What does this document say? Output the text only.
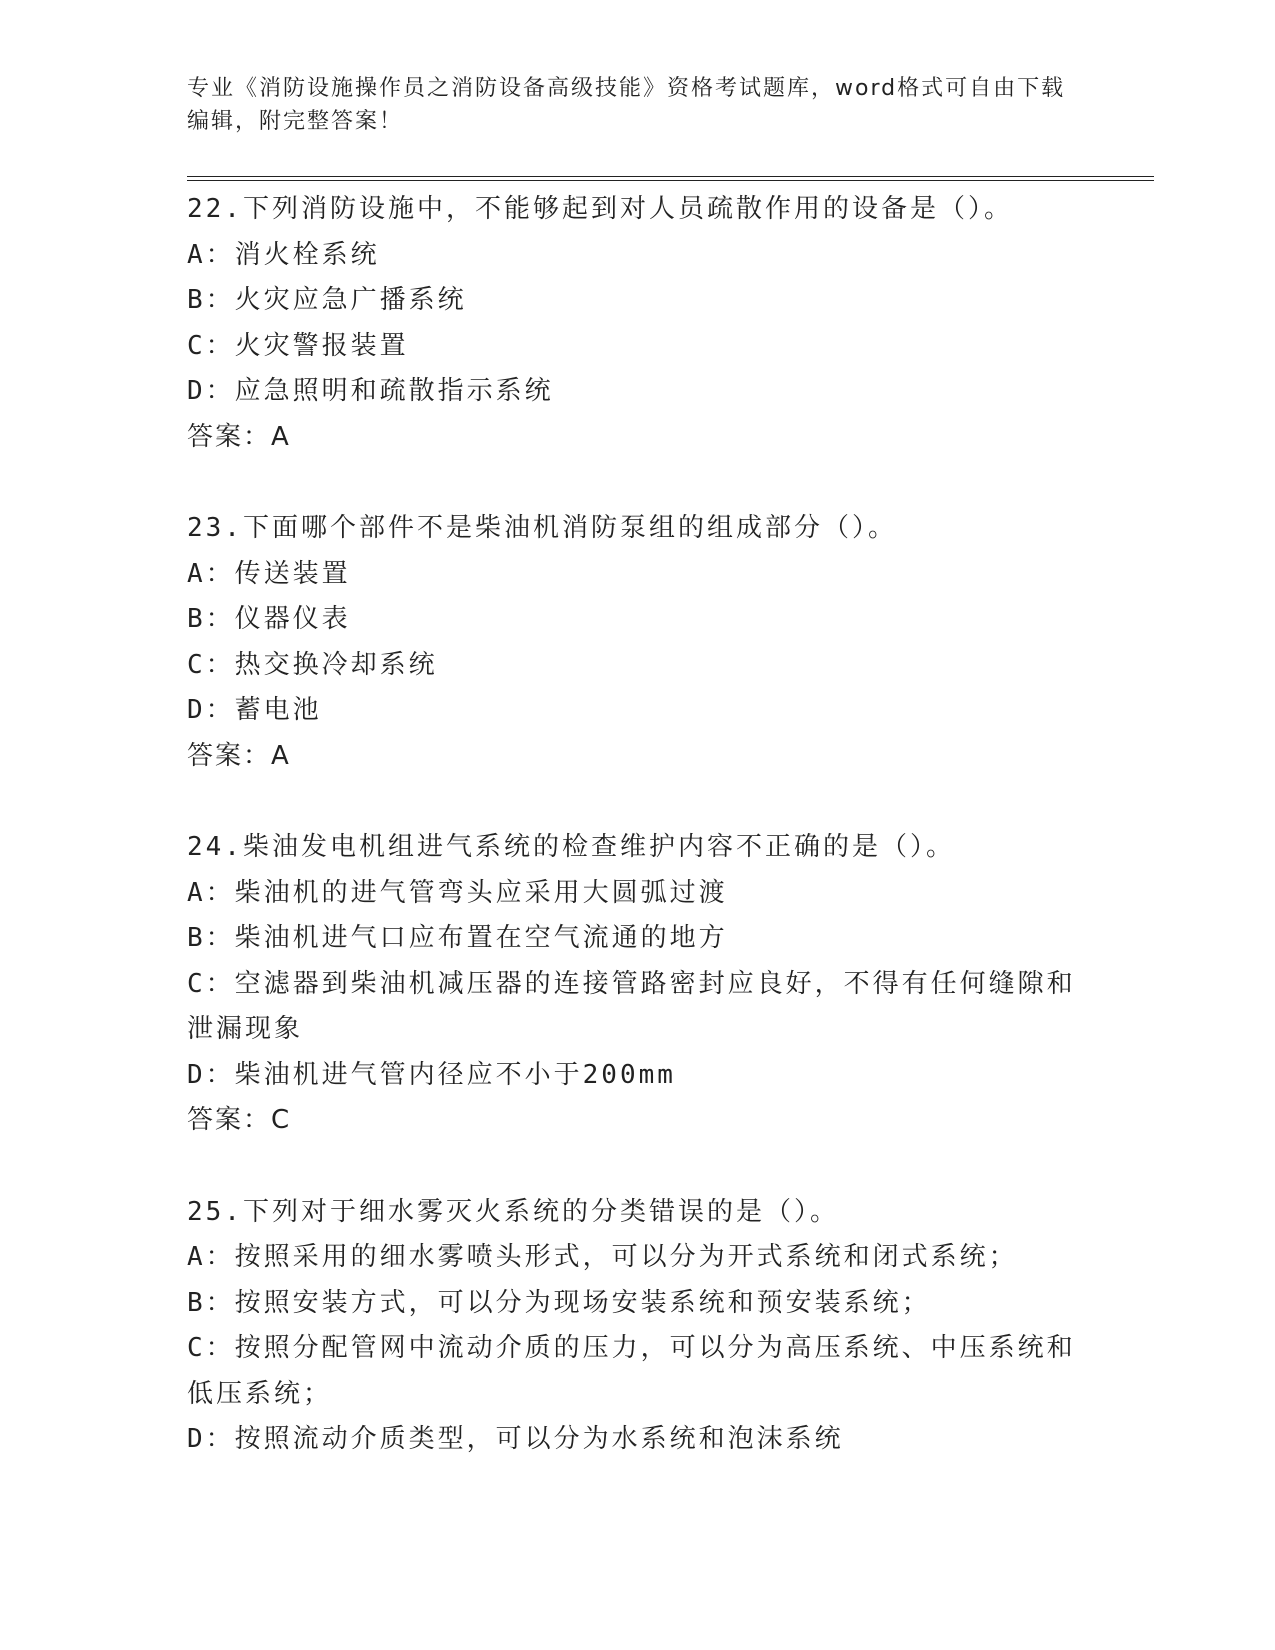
专业《消防设施操作员之消防设备高级技能》资格考试题库，word格式可自由下载编辑，附完整答案！

22.下列消防设施中，不能够起到对人员疏散作用的设备是（）。

A：消火栓系统

B：火灾应急广播系统

C：火灾警报装置

D：应急照明和疏散指示系统

答案：A

23.下面哪个部件不是柴油机消防泵组的组成部分（）。

A：传送装置

B：仪器仪表

C：热交换冷却系统

D：蓄电池

答案：A

24.柴油发电机组进气系统的检查维护内容不正确的是（）。

A：柴油机的进气管弯头应采用大圆弧过渡

B：柴油机进气口应布置在空气流通的地方

C：空滤器到柴油机减压器的连接管路密封应良好，不得有任何缝隙和泄漏现象

D：柴油机进气管内径应不小于200mm

答案：C

25.下列对于细水雾灭火系统的分类错误的是（）。

A：按照采用的细水雾喷头形式，可以分为开式系统和闭式系统；

B：按照安装方式，可以分为现场安装系统和预安装系统；

C：按照分配管网中流动介质的压力，可以分为高压系统、中压系统和低压系统；

D：按照流动介质类型，可以分为水系统和泡沫系统
